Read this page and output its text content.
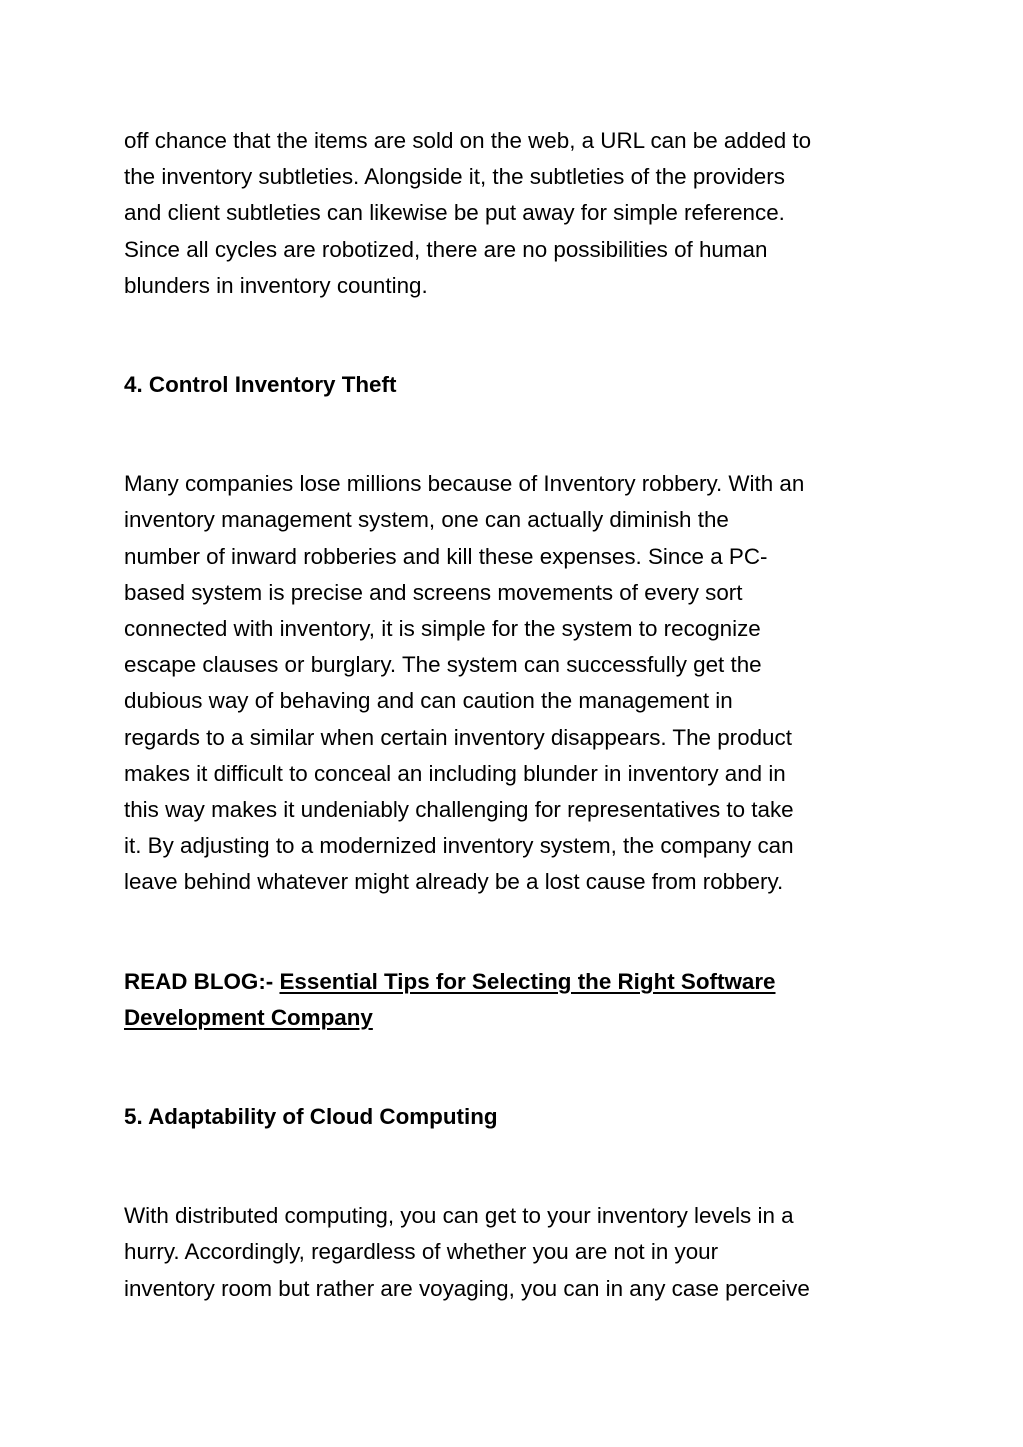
off chance that the items are sold on the web, a URL can be added to
the inventory subtleties. Alongside it, the subtleties of the providers
and client subtleties can likewise be put away for simple reference.
Since all cycles are robotized, there are no possibilities of human
blunders in inventory counting.

4. Control Inventory Theft

Many companies lose millions because of Inventory robbery. With an
inventory management system, one can actually diminish the
number of inward robberies and kill these expenses. Since a PC-
based system is precise and screens movements of every sort
connected with inventory, it is simple for the system to recognize
escape clauses or burglary. The system can successfully get the
dubious way of behaving and can caution the management in
regards to a similar when certain inventory disappears. The product
makes it difficult to conceal an including blunder in inventory and in
this way makes it undeniably challenging for representatives to take
it. By adjusting to a modernized inventory system, the company can
leave behind whatever might already be a lost cause from robbery.

READ BLOG:- Essential Tips for Selecting the Right Software
Development Company

5. Adaptability of Cloud Computing

With distributed computing, you can get to your inventory levels in a
hurry. Accordingly, regardless of whether you are not in your
inventory room but rather are voyaging, you can in any case perceive
